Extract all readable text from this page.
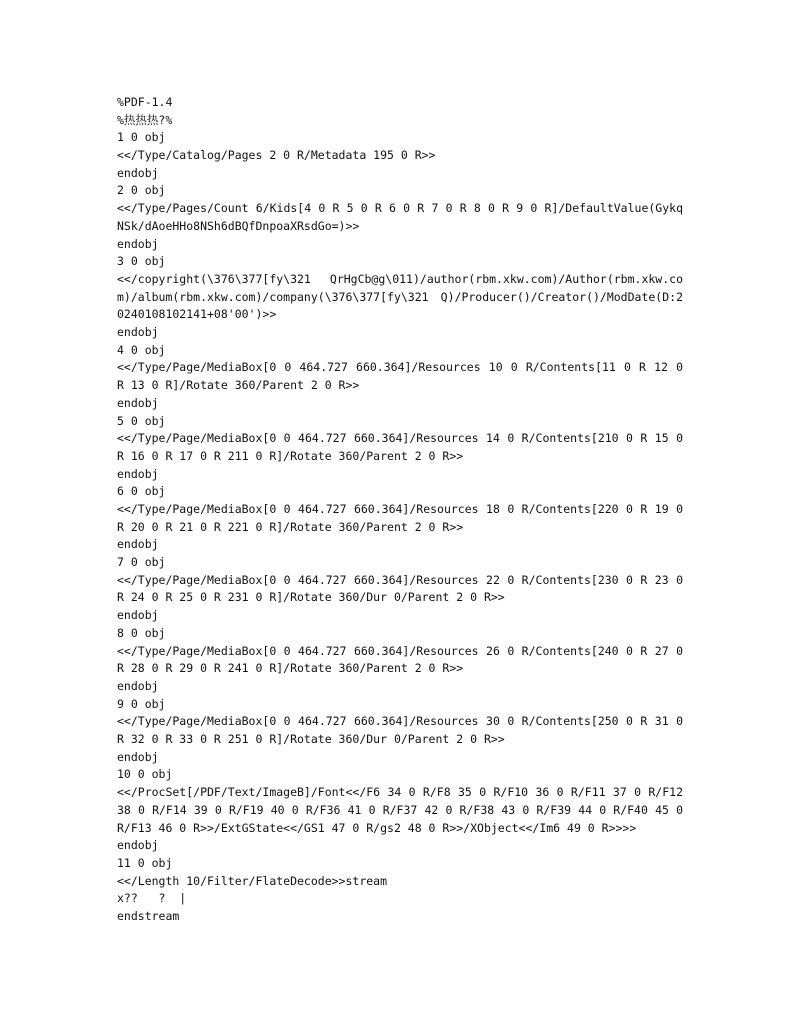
%PDF-1.4
%热热热?%
1 0 obj
<</Type/Catalog/Pages 2 0 R/Metadata 195 0 R>>
endobj
2 0 obj
<</Type/Pages/Count 6/Kids[4 0 R 5 0 R 6 0 R 7 0 R 8 0 R 9 0 R]/DefaultValue(GykqNSk/dAoeHHo8NSh6dBQfDnpoaXRsdGo=)>>
endobj
3 0 obj
<</copyright(\376\377[fy\321 QrHgCb@g\011)/author(rbm.xkw.com)/Author(rbm.xkw.com)/album(rbm.xkw.com)/company(\376\377[fy\321 Q)/Producer()/Creator()/ModDate(D:20240108102141+08'00')>>
endobj
4 0 obj
<</Type/Page/MediaBox[0 0 464.727 660.364]/Resources 10 0 R/Contents[11 0 R 12 0 R 13 0 R]/Rotate 360/Parent 2 0 R>>
endobj
5 0 obj
<</Type/Page/MediaBox[0 0 464.727 660.364]/Resources 14 0 R/Contents[210 0 R 15 0 R 16 0 R 17 0 R 211 0 R]/Rotate 360/Parent 2 0 R>>
endobj
6 0 obj
<</Type/Page/MediaBox[0 0 464.727 660.364]/Resources 18 0 R/Contents[220 0 R 19 0 R 20 0 R 21 0 R 221 0 R]/Rotate 360/Parent 2 0 R>>
endobj
7 0 obj
<</Type/Page/MediaBox[0 0 464.727 660.364]/Resources 22 0 R/Contents[230 0 R 23 0 R 24 0 R 25 0 R 231 0 R]/Rotate 360/Dur 0/Parent 2 0 R>>
endobj
8 0 obj
<</Type/Page/MediaBox[0 0 464.727 660.364]/Resources 26 0 R/Contents[240 0 R 27 0 R 28 0 R 29 0 R 241 0 R]/Rotate 360/Parent 2 0 R>>
endobj
9 0 obj
<</Type/Page/MediaBox[0 0 464.727 660.364]/Resources 30 0 R/Contents[250 0 R 31 0 R 32 0 R 33 0 R 251 0 R]/Rotate 360/Dur 0/Parent 2 0 R>>
endobj
10 0 obj
<</ProcSet[/PDF/Text/ImageB]/Font<</F6 34 0 R/F8 35 0 R/F10 36 0 R/F11 37 0 R/F12 38 0 R/F14 39 0 R/F19 40 0 R/F36 41 0 R/F37 42 0 R/F38 43 0 R/F39 44 0 R/F40 45 0 R/F13 46 0 R>>/ExtGState<</GS1 47 0 R/gs2 48 0 R>>/XObject<</Im6 49 0 R>>>>
endobj
11 0 obj
<</Length 10/Filter/FlateDecode>>stream
x??   ?  |
endstream
